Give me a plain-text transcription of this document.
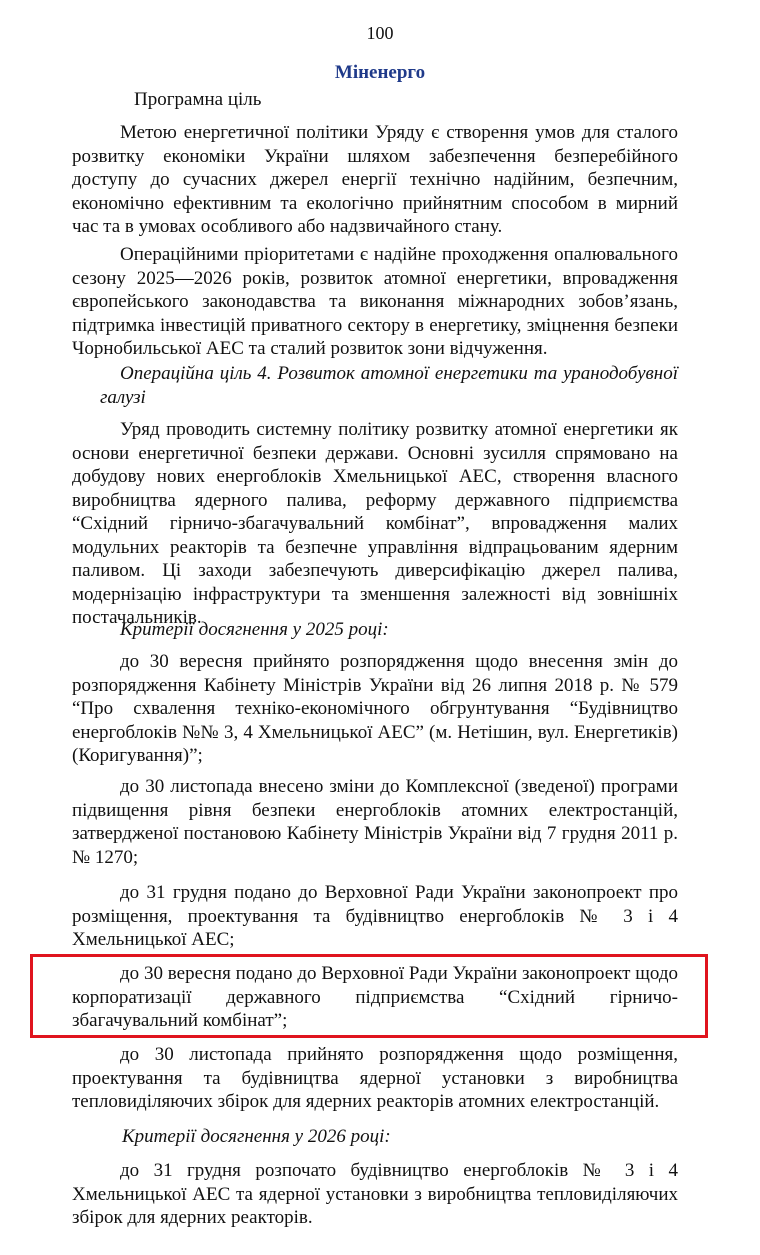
100
Міненерго

Програмна ціль

Метою енергетичної політики Уряду є створення умов для сталого розвитку економіки України шляхом забезпечення безперебійного доступу до сучасних джерел енергії технічно надійним, безпечним, економічно ефективним та екологічно прийнятним способом в мирний час та в умовах особливого або надзвичайного стану.

Операційними пріоритетами є надійне проходження опалювального сезону 2025—2026 років, розвиток атомної енергетики, впровадження європейського законодавства та виконання міжнародних зобов’язань, підтримка інвестицій приватного сектору в енергетику, зміцнення безпеки Чорнобильської АЕС та сталий розвиток зони відчуження.

Операційна ціль 4. Розвиток атомної енергетики та уранодобувної галузі

Уряд проводить системну політику розвитку атомної енергетики як основи енергетичної безпеки держави. Основні зусилля спрямовано на добудову нових енергоблоків Хмельницької АЕС, створення власного виробництва ядерного палива, реформу державного підприємства “Східний гірничо-збагачувальний комбінат”, впровадження малих модульних реакторів та безпечне управління відпрацьованим ядерним паливом. Ці заходи забезпечують диверсифікацію джерел палива, модернізацію інфраструктури та зменшення залежності від зовнішніх постачальників.

Критерії досягнення у 2025 році:

до 30 вересня прийнято розпорядження щодо внесення змін до розпорядження Кабінету Міністрів України від 26 липня 2018 р. № 579 “Про схвалення техніко-економічного обгрунтування “Будівництво енергоблоків №№ 3, 4 Хмельницької АЕС” (м. Нетішин, вул. Енергетиків) (Коригування)”;

до 30 листопада внесено зміни до Комплексної (зведеної) програми підвищення рівня безпеки енергоблоків атомних електростанцій, затвердженої постановою Кабінету Міністрів України від 7 грудня 2011 р. № 1270;

до 31 грудня подано до Верховної Ради України законопроект про розміщення, проектування та будівництво енергоблоків № 3 і 4 Хмельницької АЕС;

до 30 вересня подано до Верховної Ради України законопроект щодо корпоратизації державного підприємства “Східний гірничо-збагачувальний комбінат”;

до 30 листопада прийнято розпорядження щодо розміщення, проектування та будівництва ядерної установки з виробництва тепловиділяючих збірок для ядерних реакторів атомних електростанцій.

Критерії досягнення у 2026 році:

до 31 грудня розпочато будівництво енергоблоків № 3 і 4 Хмельницької АЕС та ядерної установки з виробництва тепловиділяючих збірок для ядерних реакторів.
